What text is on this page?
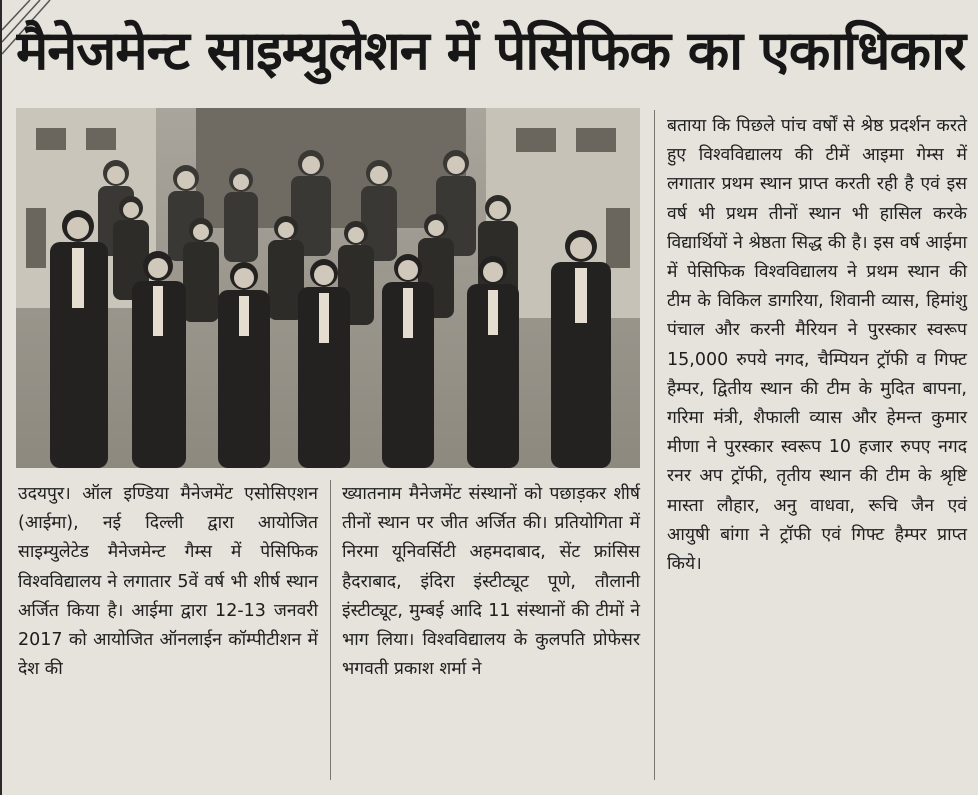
मैनेजमेन्ट साइम्युलेशन में पेसिफिक का एकाधिकार

उदयपुर। ऑल इण्डिया मैनेजमेंट एसोसिएशन (आईमा), नई दिल्ली द्वारा आयोजित साइम्युलेटेड मैनेजमेन्ट गैम्स में पेसिफिक विश्वविद्यालय ने लगातार 5वें वर्ष भी शीर्ष स्थान अर्जित किया है। आईमा द्वारा 12-13 जनवरी 2017 को आयोजित ऑनलाईन कॉम्पीटीशन में देश की

ख्यातनाम मैनेजमेंट संस्थानों को पछाड़कर शीर्ष तीनों स्थान पर जीत अर्जित की। प्रतियोगिता में निरमा यूनिवर्सिटी अहमदाबाद, सेंट फ्रांसिस हैदराबाद, इंदिरा इंस्टीट्यूट पूणे, तौलानी इंस्टीट्यूट, मुम्बई आदि 11 संस्थानों की टीमों ने भाग लिया। विश्वविद्यालय के कुलपति प्रोफेसर भगवती प्रकाश शर्मा ने

बताया कि पिछले पांच वर्षों से श्रेष्ठ प्रदर्शन करते हुए विश्वविद्यालय की टीमें आइमा गेम्स में लगातार प्रथम स्थान प्राप्त करती रही है एवं इस वर्ष भी प्रथम तीनों स्थान भी हासिल करके विद्यार्थियों ने श्रेष्ठता सिद्ध की है। इस वर्ष आईमा में पेसिफिक विश्वविद्यालय ने प्रथम स्थान की टीम के विकिल डागरिया, शिवानी व्यास, हिमांशु पंचाल और करनी मैरियन ने पुरस्कार स्वरूप 15,000 रुपये नगद, चैम्पियन ट्रॉफी व गिफ्ट हैम्पर, द्वितीय स्थान की टीम के मुदित बापना, गरिमा मंत्री, शैफाली व्यास और हेमन्त कुमार मीणा ने पुरस्कार स्वरूप 10 हजार रुपए नगद रनर अप ट्रॉफी, तृतीय स्थान की टीम के श्रृष्टि मास्ता लौहार, अनु वाधवा, रूचि जैन एवं आयुषी बांगा ने ट्रॉफी एवं गिफ्ट हैम्पर प्राप्त किये।
